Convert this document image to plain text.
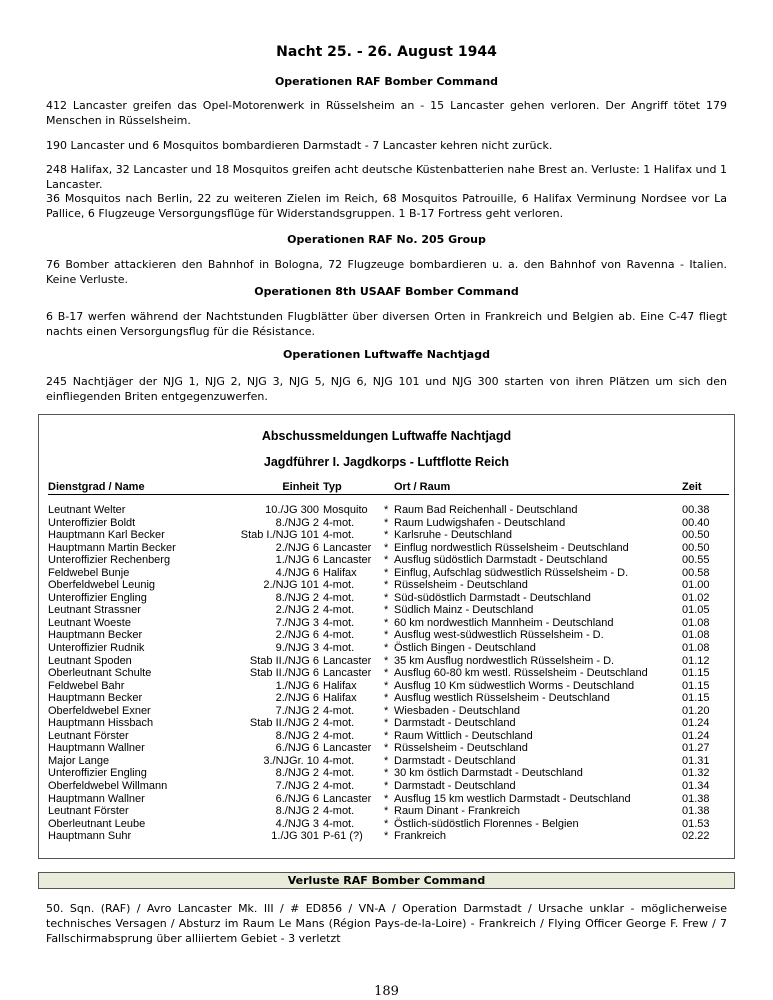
Nacht 25. - 26. August 1944
Operationen RAF Bomber Command
412 Lancaster greifen das Opel-Motorenwerk in Rüsselsheim an - 15 Lancaster gehen verloren. Der Angriff tötet 179 Menschen in Rüsselsheim.
190 Lancaster und 6 Mosquitos bombardieren Darmstadt - 7 Lancaster kehren nicht zurück.
248 Halifax, 32 Lancaster und 18 Mosquitos greifen acht deutsche Küstenbatterien nahe Brest an. Verluste: 1 Halifax und 1 Lancaster.
36 Mosquitos nach Berlin, 22 zu weiteren Zielen im Reich, 68 Mosquitos Patrouille, 6 Halifax Verminung Nordsee vor La Pallice, 6 Flugzeuge Versorgungsflüge für Widerstandsgruppen. 1 B-17 Fortress geht verloren.
Operationen RAF No. 205 Group
76 Bomber attackieren den Bahnhof in Bologna, 72 Flugzeuge bombardieren u. a. den Bahnhof von Ravenna - Italien. Keine Verluste.
Operationen 8th USAAF Bomber Command
6 B-17 werfen während der Nachtstunden Flugblätter über diversen Orten in Frankreich und Belgien ab. Eine C-47 fliegt nachts einen Versorgungsflug für die Résistance.
Operationen Luftwaffe Nachtjagd
245 Nachtjäger der NJG 1, NJG 2, NJG 3, NJG 5, NJG 6, NJG 101 und NJG 300 starten von ihren Plätzen um sich den einfliegenden Briten entgegenzuwerfen.
Abschussmeldungen Luftwaffe Nachtjagd
Jagdführer I. Jagdkorps - Luftflotte Reich
Dienstgrad / Name	Einheit Typ	Ort / Raum	Zeit
Leutnant Welter	10./JG 300 Mosquito * Raum Bad Reichenhall - Deutschland	00.38
Unteroffizier Boldt	8./NJG 2 4-mot.	* Raum Ludwigshafen - Deutschland	00.40
Hauptmann Karl Becker	Stab I./NJG 101 4-mot.	* Karlsruhe - Deutschland	00.50
Hauptmann Martin Becker	2./NJG 6 Lancaster * Einflug nordwestlich Rüsselsheim - Deutschland	00.50
Unteroffizier Rechenberg	1./NJG 6 Lancaster * Ausflug südöstlich Darmstadt - Deutschland	00.55
Feldwebel Bunje	4./NJG 6 Halifax * Einflug, Aufschlag südwestlich Rüsselsheim - D.	00.58
Oberfeldwebel Leunig	2./NJG 101 4-mot.	* Rüsselsheim - Deutschland	01.00
Unteroffizier Engling	8./NJG 2 4-mot.	* Süd-südöstlich Darmstadt - Deutschland	01.02
Leutnant Strassner	2./NJG 2 4-mot.	* Südlich Mainz - Deutschland	01.05
Leutnant Woeste	7./NJG 3 4-mot.	* 60 km nordwestlich Mannheim - Deutschland	01.08
Hauptmann Becker	2./NJG 6 4-mot.	* Ausflug west-südwestlich Rüsselsheim - D.	01.08
Unteroffizier Rudnik	9./NJG 3 4-mot.	* Östlich Bingen - Deutschland	01.08
Leutnant Spoden	Stab II./NJG 6 Lancaster * 35 km Ausflug nordwestlich Rüsselsheim - D.	01.12
Oberleutnant Schulte	Stab II./NJG 6 Lancaster * Ausflug 60-80 km westl. Rüsselsheim - Deutschland	01.15
Feldwebel Bahr	1./NJG 6 Halifax * Ausflug 10 Km südwestlich Worms - Deutschland	01.15
Hauptmann Becker	2./NJG 6 Halifax * Ausflug westlich Rüsselsheim - Deutschland	01.15
Oberfeldwebel Exner	7./NJG 2 4-mot.	* Wiesbaden - Deutschland	01.20
Hauptmann Hissbach	Stab II./NJG 2 4-mot.	* Darmstadt - Deutschland	01.24
Leutnant Förster	8./NJG 2 4-mot.	* Raum Wittlich - Deutschland	01.24
Hauptmann Wallner	6./NJG 6 Lancaster * Rüsselsheim - Deutschland	01.27
Major Lange	3./NJGr. 10 4-mot.	* Darmstadt - Deutschland	01.31
Unteroffizier Engling	8./NJG 2 4-mot.	* 30 km östlich Darmstadt - Deutschland	01.32
Oberfeldwebel Willmann	7./NJG 2 4-mot.	* Darmstadt - Deutschland	01.34
Hauptmann Wallner	6./NJG 6 Lancaster * Ausflug 15 km westlich Darmstadt - Deutschland	01.38
Leutnant Förster	8./NJG 2 4-mot.	* Raum Dinant - Frankreich	01.38
Oberleutnant Leube	4./NJG 3 4-mot.	* Östlich-südöstlich Florennes - Belgien	01.53
Hauptmann Suhr	1./JG 301 P-61 (?) * Frankreich	02.22
Verluste RAF Bomber Command
50. Sqn. (RAF) / Avro Lancaster Mk. III / # ED856 / VN-A / Operation Darmstadt / Ursache unklar - möglicherweise technisches Versagen / Absturz im Raum Le Mans (Région Pays-de-la-Loire) - Frankreich / Flying Officer George F. Frew / 7 Fallschirmabsprung über alliiertem Gebiet - 3 verletzt
189
